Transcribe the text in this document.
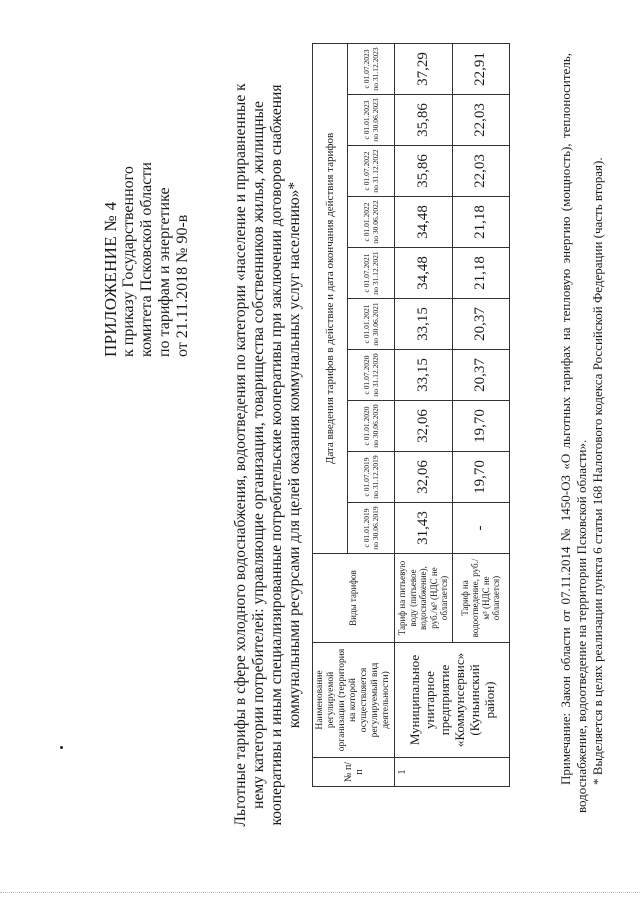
ПРИЛОЖЕНИЕ № 4 к приказу Государственного комитета Псковской области по тарифам и энергетике от 21.11.2018 № 90-в	Льготные тарифы в сфере холодного водоснабжения, водоотведения по категории «население и приравненные к нему категории потребителей: управляющие организации, товарищества собственников жилья, жилищные кооперативы и иным специализированные потребительские кооперативы при заключении договоров снабжения коммунальными ресурсами для целей оказания коммунальных услуг населению»*
№ п/п	Наименование регулируемой организации (территория на которой осуществляется регулируемый вид деятельности)	Виды тарифов	Дата введения тарифов в действие и дата окончания действия тарифов									
			с 01.01.2019 по 30.06.2019	с 01.07.2019 по 31.12.2019	с 01.01.2020 по 30.06.2020	с 01.07.2020 по 31.12.2020	с 01.01.2021 по 30.06.2021	с 01.07.2021 по 31.12.2021	с 01.01.2022 по 30.06.2022	с 01.07.2022 по 31.12.2022	с 01.01.2023 по 30.06.2023	с 01.07.2023 по 31.12.2023
1	Муниципальное унитарное предприятие «Коммунсервис» (Куньинский район)	Тариф на питьевую воду (питьевое водоснабжение), руб./м³ (НДС не облагается)	31,43	32,06	32,06	33,15	33,15	34,48	34,48	35,86	35,86	37,29
		Тариф на водоотведение, руб./м³ (НДС не облагается)	-	19,70	19,70	20,37	20,37	21,18	21,18	22,03	22,03	22,91	Примечание: Закон области от 07.11.2014 № 1450-ОЗ «О льготных тарифах на тепловую энергию (мощность), теплоноситель, водоснабжение, водоотведение на территории Псковской области». * Выделяется в целях реализации пункта 6 статьи 168 Налогового кодекса Российской Федерации (часть вторая).
